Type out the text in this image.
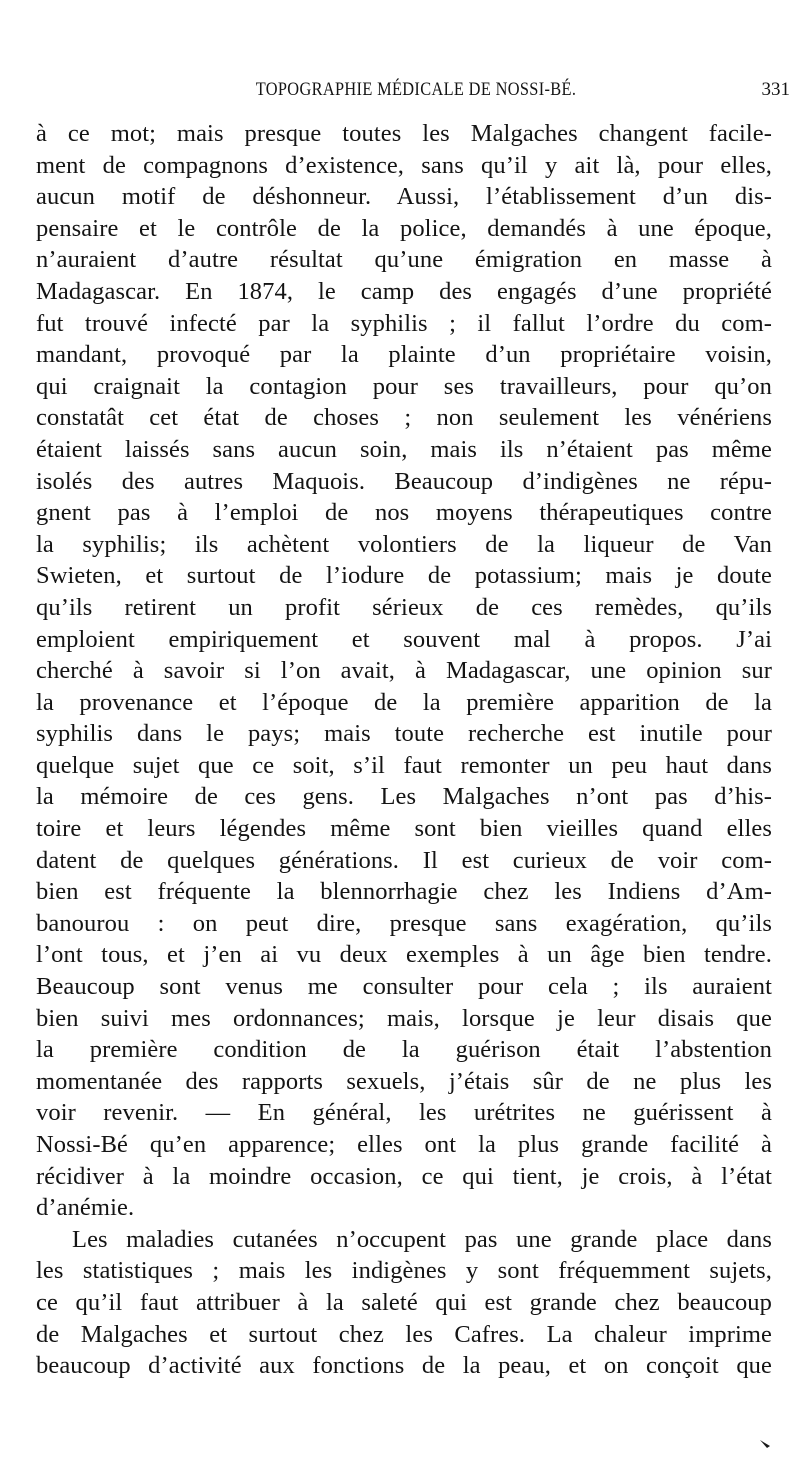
TOPOGRAPHIE MÉDICALE DE NOSSI-BÉ.	331
à ce mot; mais presque toutes les Malgaches changent facile-
ment de compagnons d’existence, sans qu’il y ait là, pour elles,
aucun motif de déshonneur. Aussi, l’établissement d’un dis-
pensaire et le contrôle de la police, demandés à une époque,
n’auraient d’autre résultat qu’une émigration en masse à
Madagascar. En 1874, le camp des engagés d’une propriété
fut trouvé infecté par la syphilis ; il fallut l’ordre du com-
mandant, provoqué par la plainte d’un propriétaire voisin,
qui craignait la contagion pour ses travailleurs, pour qu’on
constatât cet état de choses ; non seulement les vénériens
étaient laissés sans aucun soin, mais ils n’étaient pas même
isolés des autres Maquois. Beaucoup d’indigènes ne répu-
gnent pas à l’emploi de nos moyens thérapeutiques contre
la syphilis; ils achètent volontiers de la liqueur de Van
Swieten, et surtout de l’iodure de potassium; mais je doute
qu’ils retirent un profit sérieux de ces remèdes, qu’ils
emploient empiriquement et souvent mal à propos. J’ai
cherché à savoir si l’on avait, à Madagascar, une opinion sur
la provenance et l’époque de la première apparition de la
syphilis dans le pays; mais toute recherche est inutile pour
quelque sujet que ce soit, s’il faut remonter un peu haut dans
la mémoire de ces gens. Les Malgaches n’ont pas d’his-
toire et leurs légendes même sont bien vieilles quand elles
datent de quelques générations. Il est curieux de voir com-
bien est fréquente la blennorrhagie chez les Indiens d’Am-
banourou : on peut dire, presque sans exagération, qu’ils
l’ont tous, et j’en ai vu deux exemples à un âge bien tendre.
Beaucoup sont venus me consulter pour cela ; ils auraient
bien suivi mes ordonnances; mais, lorsque je leur disais que
la première condition de la guérison était l’abstention
momentanée des rapports sexuels, j’étais sûr de ne plus les
voir revenir. — En général, les urétrites ne guérissent à
Nossi-Bé qu’en apparence; elles ont la plus grande facilité à
récidiver à la moindre occasion, ce qui tient, je crois, à l’état
d’anémie.
Les maladies cutanées n’occupent pas une grande place dans
les statistiques ; mais les indigènes y sont fréquemment sujets,
ce qu’il faut attribuer à la saleté qui est grande chez beaucoup
de Malgaches et surtout chez les Cafres. La chaleur imprime
beaucoup d’activité aux fonctions de la peau, et on conçoit que
